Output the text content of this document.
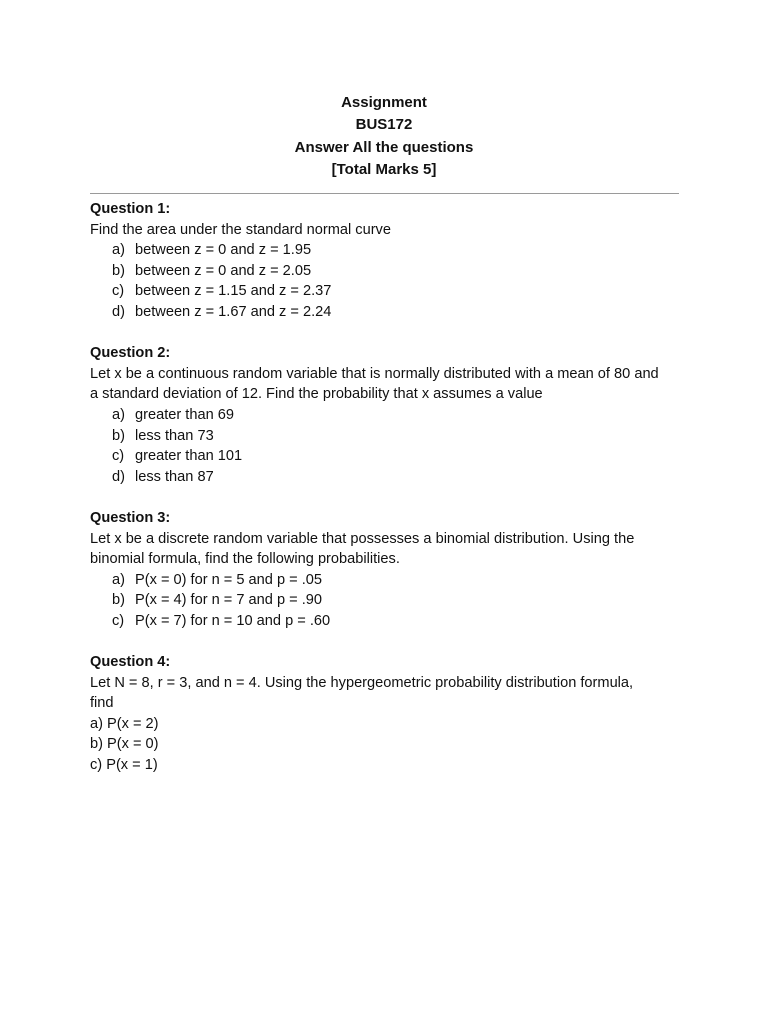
Assignment
BUS172
Answer All the questions
[Total Marks 5]

Question 1:

Find the area under the standard normal curve

a) between z = 0 and z = 1.95
b) between z = 0 and z = 2.05
c) between z = 1.15 and z = 2.37
d) between z = 1.67 and z = 2.24

Question 2:

Let x be a continuous random variable that is normally distributed with a mean of 80 and

a standard deviation of 12. Find the probability that x assumes a value

a) greater than 69
b) less than 73
c) greater than 101
d) less than 87

Question 3:

Let x be a discrete random variable that possesses a binomial distribution. Using the

binomial formula, find the following probabilities.

a) P(x = 0) for n = 5 and p = .05
b) P(x = 4) for n = 7 and p = .90
c) P(x = 7) for n = 10 and p = .60

Question 4:

Let N = 8, r = 3, and n = 4. Using the hypergeometric probability distribution formula,

find

a) P(x = 2)
b) P(x = 0)
c) P(x = 1)
